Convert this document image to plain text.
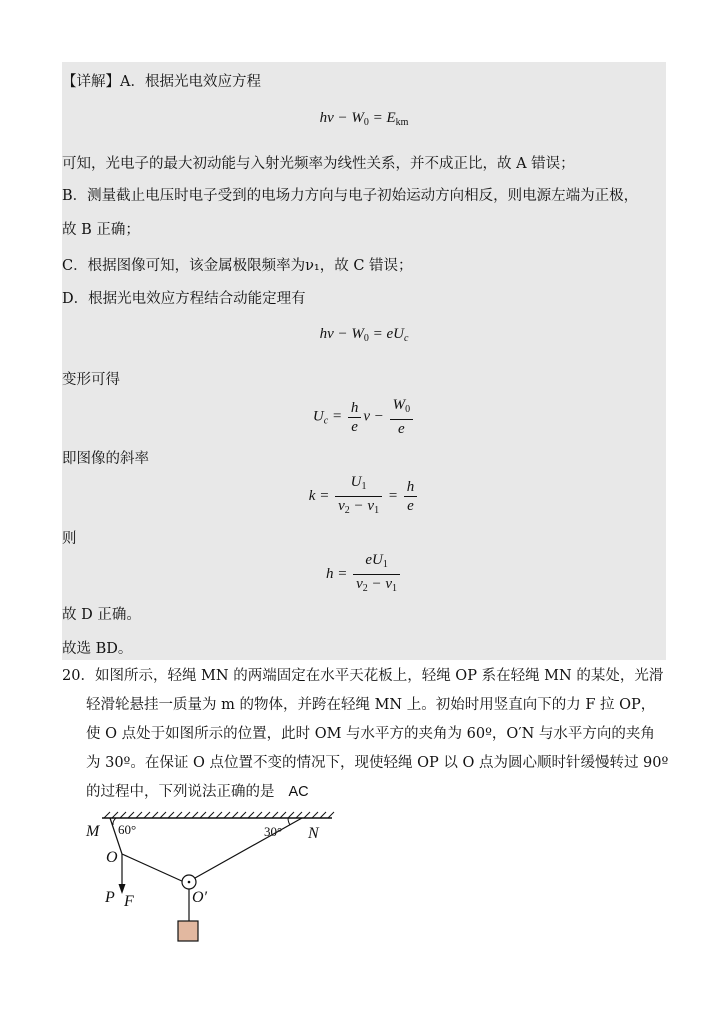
【详解】A．根据光电效应方程
$h\nu - W_0 = E_{km}$
可知，光电子的最大初动能与入射光频率为线性关系，并不成正比，故 A 错误；
B．测量截止电压时电子受到的电场力方向与电子初始运动方向相反，则电源左端为正极，
故 B 正确；
C．根据图像可知，该金属极限频率为ν₁，故 C 错误；
D．根据光电效应方程结合动能定理有
$h\nu - W_0 = eU_c$
变形可得
$U_c = \frac{h}{e}$ $\nu - \frac{W_0}{e}$
即图像的斜率
$k = \frac{U_1}{\nu_2 - \nu_1} = \frac{h}{e}$
则
$h = \frac{eU_1}{\nu_2 - \nu_1}$
故 D 正确。
故选 BD。
20．如图所示，轻绳 MN 的两端固定在水平天花板上，轻绳 OP 系在轻绳 MN 的某处，光滑
轻滑轮悬挂一质量为 m 的物体，并跨在轻绳 MN 上。初始时用竖直向下的力 F 拉 OP，
使 O 点处于如图所示的位置，此时 OM 与水平方的夹角为 60º，O′N 与水平方向的夹角
为 30º。在保证 O 点位置不变的情况下，现使轻绳 OP 以 O 点为圆心顺时针缓慢转过 90º
的过程中，下列说法正确的是 AC
M 60°	30° N
O
P F	O′
